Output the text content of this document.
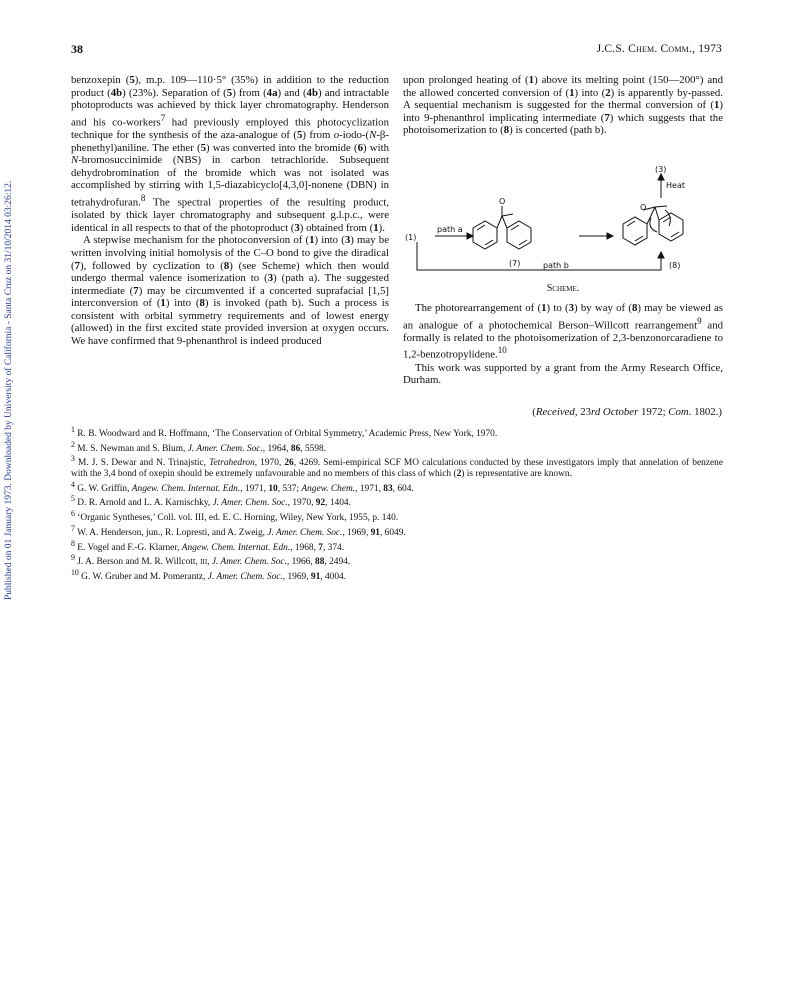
Published on 01 January 1973. Downloaded by University of California - Santa Cruz on 31/10/2014 03:26:12.
38	J.C.S. Chem. Comm., 1973

benzoxepin (5), m.p. 109—110·5° (35%) in addition to the reduction product (4b) (23%). Separation of (5) from (4a) and (4b) and intractable photoproducts was achieved by thick layer chromatography. Henderson and his co-workers$^7$ had previously employed this photocyclization technique for the synthesis of the aza-analogue of (5) from o-iodo-(N-β-phenethyl)aniline. The ether (5) was converted into the bromide (6) with N-bromosuccinimide (NBS) in carbon tetrachloride. Subsequent dehydrobromination of the bromide which was not isolated was accomplished by stirring with 1,5-diazabicyclo[4,3,0]-nonene (DBN) in tetrahydrofuran.$^8$ The spectral properties of the resulting product, isolated by thick layer chromatography and subsequent g.l.p.c., were identical in all respects to that of the photoproduct (3) obtained from (1).

A stepwise mechanism for the photoconversion of (1) into (3) may be written involving initial homolysis of the C–O bond to give the diradical (7), followed by cyclization to (8) (see Scheme) which then would undergo thermal valence isomerization to (3) (path a). The suggested intermediate (7) may be circumvented if a concerted suprafacial [1,5] interconversion of (1) into (8) is invoked (path b). Such a process is consistent with orbital symmetry requirements and of lowest energy (allowed) in the first excited state provided inversion at oxygen occurs. We have confirmed that 9-phenanthrol is indeed produced

upon prolonged heating of (1) above its melting point (150—200°) and the allowed concerted conversion of (1) into (2) is apparently by-passed. A sequential mechanism is suggested for the thermal conversion of (1) into 9-phenanthrol implicating intermediate (7) which suggests that the photoisomerization to (8) is concerted (path b).

(1)
path a
O
O
(7)	path b	(8)
(3)
Heat
Scheme.

The photorearrangement of (1) to (3) by way of (8) may be viewed as an analogue of a photochemical Berson–Willcott rearrangement$^9$ and formally is related to the photoisomerization of 2,3-benzonorcaradiene to 1,2-benzotropylidene.$^{10}$

This work was supported by a grant from the Army Research Office, Durham.

(Received, 23rd October 1972; Com. 1802.)
$^1$ R. B. Woodward and R. Hoffmann, ‘The Conservation of Orbital Symmetry,’ Academic Press, New York, 1970.
$^2$ M. S. Newman and S. Blum, J. Amer. Chem. Soc., 1964, 86, 5598.
$^3$ M. J. S. Dewar and N. Trinajstic, Tetrahedron, 1970, 26, 4269. Semi-empirical SCF MO calculations conducted by these investigators imply that annelation of benzene with the 3,4 bond of oxepin should be extremely unfavourable and no members of this class of which (2) is representative are known.
$^4$ G. W. Griffin, Angew. Chem. Internat. Edn., 1971, 10, 537; Angew. Chem., 1971, 83, 604.
$^5$ D. R. Arnold and L. A. Karnischky, J. Amer. Chem. Soc., 1970, 92, 1404.
$^6$ ‘Organic Syntheses,’ Coll. vol. III, ed. E. C. Horning, Wiley, New York, 1955, p. 140.
$^7$ W. A. Henderson, jun., R. Lopresti, and A. Zweig, J. Amer. Chem. Soc., 1969, 91, 6049.
$^8$ E. Vogel and F.-G. Klarner, Angew. Chem. Internat. Edn., 1968, 7, 374.
$^9$ J. A. Berson and M. R. Willcott, iii, J. Amer. Chem. Soc., 1966, 88, 2494.
$^{10}$ G. W. Gruber and M. Pomerantz, J. Amer. Chem. Soc., 1969, 91, 4004.
